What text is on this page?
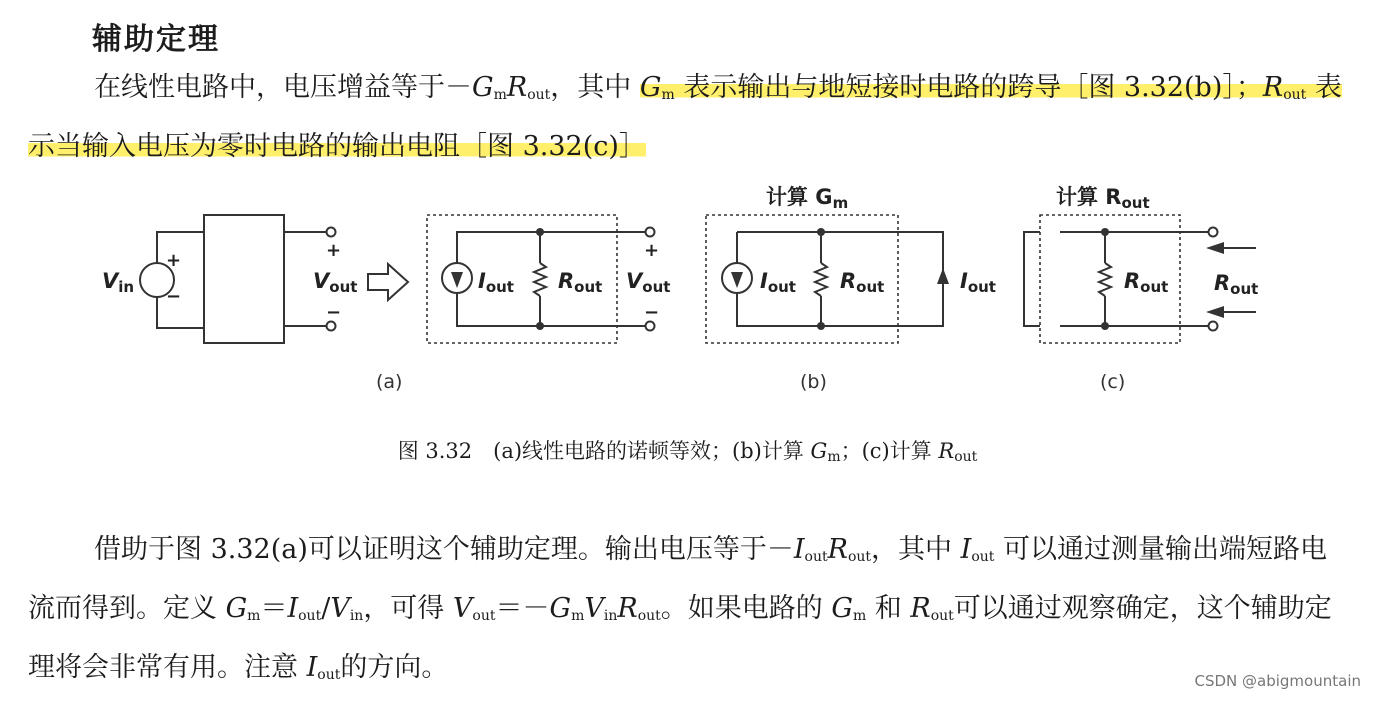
辅助定理
在线性电路中，电压增益等于$-G_mR_{out}$，其中 $G_m$ 表示输出与地短接时电路的跨导［图 3.32(b)］；$R_{out}$ 表示当输入电压为零时电路的输出电阻［图 3.32(c)］
+
−
+
−
+
−
Vin	Vout	Iout Rout Vout	Iout Rout	Iout	Rout Rout
计算 Gm	计算 Rout
(a)	(b)	(c)
图 3.32　(a)线性电路的诺顿等效；(b)计算 $G_m$；(c)计算 $R_{out}$
借助于图 3.32(a)可以证明这个辅助定理。输出电压等于$-I_{out}R_{out}$，其中 $I_{out}$ 可以通过测量输出端短路电流而得到。定义 $G_m=I_{out}/V_{in}$，可得 $V_{out}=-G_mV_{in}R_{out}$。如果电路的 $G_m$ 和 $R_{out}$可以通过观察确定，这个辅助定理将会非常有用。注意 $I_{out}$的方向。	CSDN @abigmountain
